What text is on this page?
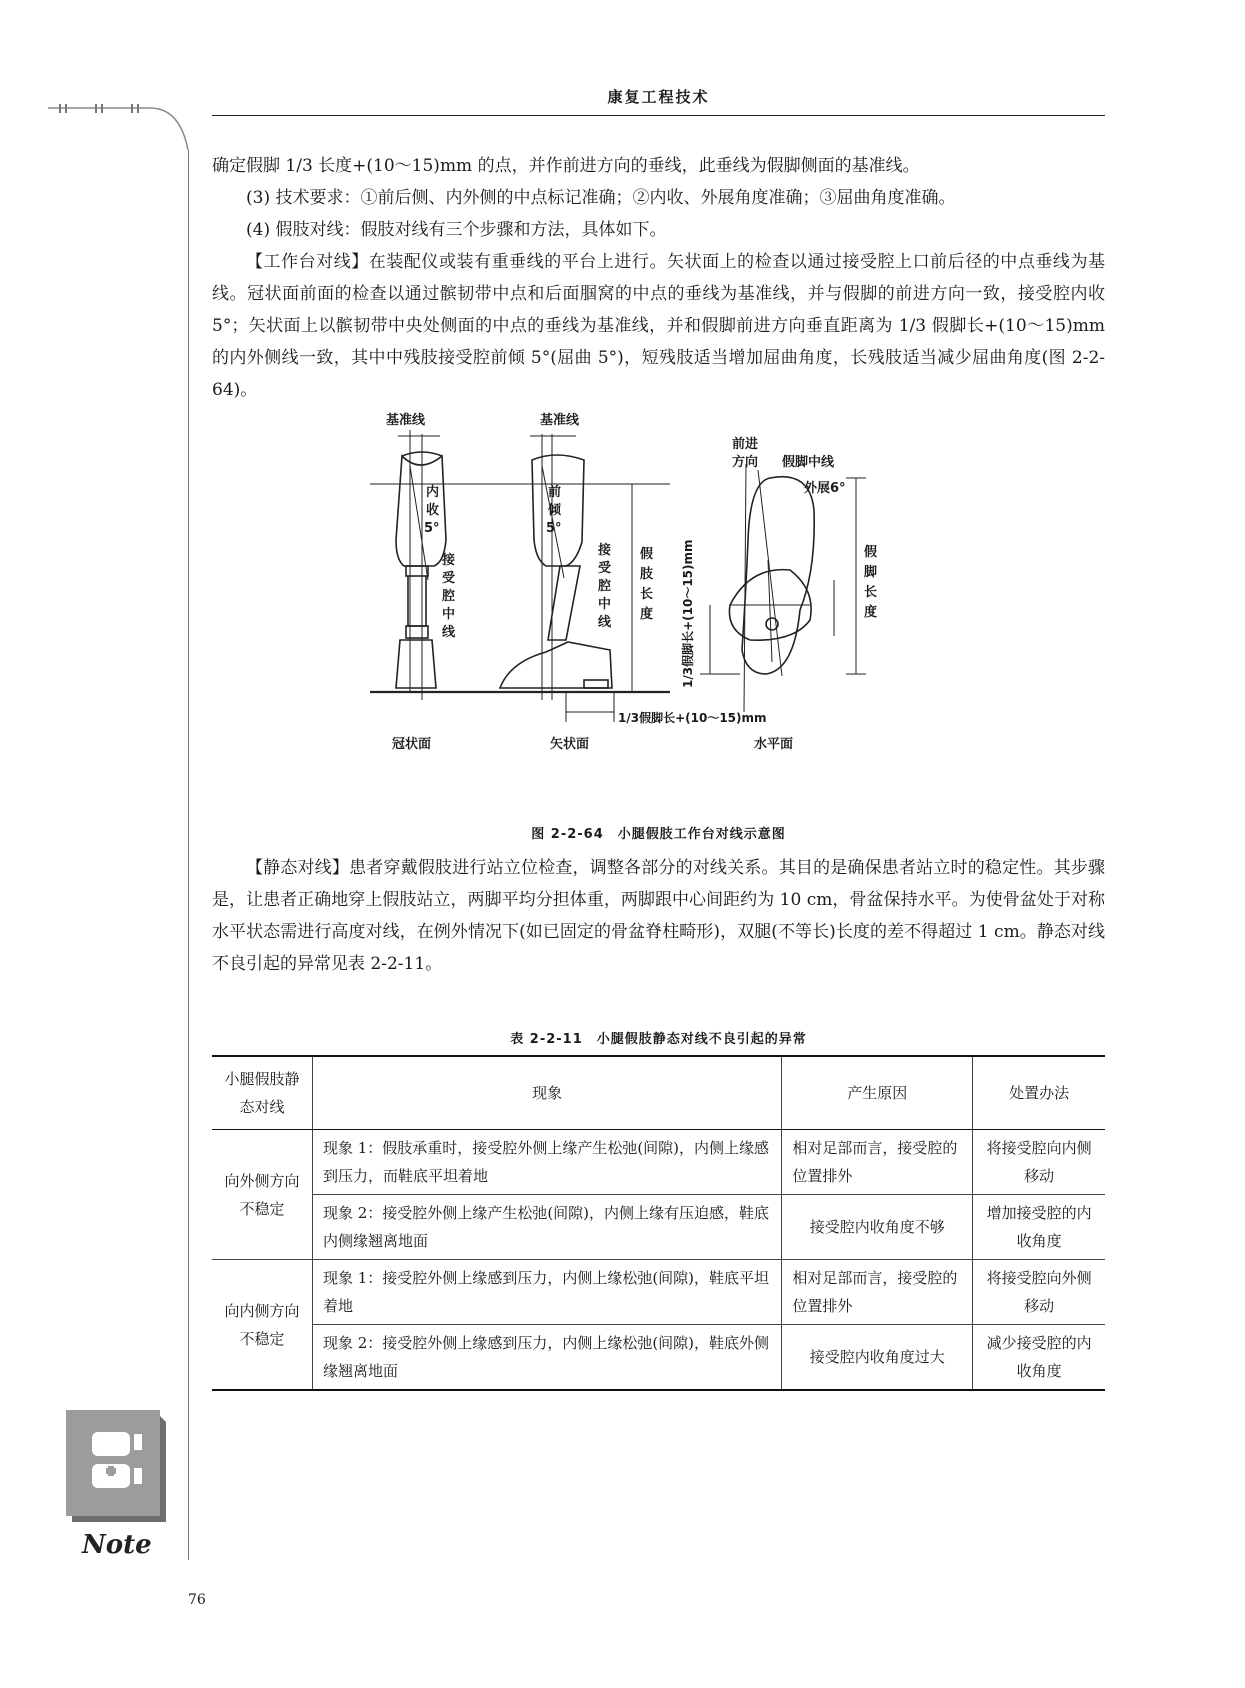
康复工程技术

确定假脚 1/3 长度+(10～15)mm 的点，并作前进方向的垂线，此垂线为假脚侧面的基准线。

(3) 技术要求：①前后侧、内外侧的中点标记准确；②内收、外展角度准确；③屈曲角度准确。

(4) 假肢对线：假肢对线有三个步骤和方法，具体如下。

【工作台对线】在装配仪或装有重垂线的平台上进行。矢状面上的检查以通过接受腔上口前后径的中点垂线为基线。冠状面前面的检查以通过髌韧带中点和后面腘窝的中点的垂线为基准线，并与假脚的前进方向一致，接受腔内收 5°；矢状面上以髌韧带中央处侧面的中点的垂线为基准线，并和假脚前进方向垂直距离为 1/3 假脚长+(10～15)mm 的内外侧线一致，其中中残肢接受腔前倾 5°(屈曲 5°)，短残肢适当增加屈曲角度，长残肢适当减少屈曲角度(图 2-2-64)。

基准线	基准线
内
收
5°
前
倾
5°
接
受
腔
中
线
接
受
腔
中
线
假
肢
长
度
假
脚
长
度
前进
方向 假脚中线
外展6°
1/3假脚长+(10～15)mm
1/3假脚长+(10～15)mm
冠状面	矢状面	水平面
图 2-2-64　小腿假肢工作台对线示意图

【静态对线】患者穿戴假肢进行站立位检查，调整各部分的对线关系。其目的是确保患者站立时的稳定性。其步骤是，让患者正确地穿上假肢站立，两脚平均分担体重，两脚跟中心间距约为 10 cm，骨盆保持水平。为使骨盆处于对称水平状态需进行高度对线，在例外情况下(如已固定的骨盆脊柱畸形)，双腿(不等长)长度的差不得超过 1 cm。静态对线不良引起的异常见表 2-2-11。

表 2-2-11　小腿假肢静态对线不良引起的异常
小腿假肢静态对线	现象	产生原因	处置办法
向外侧方向不稳定	现象 1：假肢承重时，接受腔外侧上缘产生松弛(间隙)，内侧上缘感到压力，而鞋底平坦着地	相对足部而言，接受腔的位置排外	将接受腔向内侧移动
	现象 2：接受腔外侧上缘产生松弛(间隙)，内侧上缘有压迫感，鞋底内侧缘翘离地面	接受腔内收角度不够	增加接受腔的内收角度
向内侧方向不稳定	现象 1：接受腔外侧上缘感到压力，内侧上缘松弛(间隙)，鞋底平坦着地	相对足部而言，接受腔的位置排外	将接受腔向外侧移动
	现象 2：接受腔外侧上缘感到压力，内侧上缘松弛(间隙)，鞋底外侧缘翘离地面	接受腔内收角度过大	减少接受腔的内收角度
Note
76
